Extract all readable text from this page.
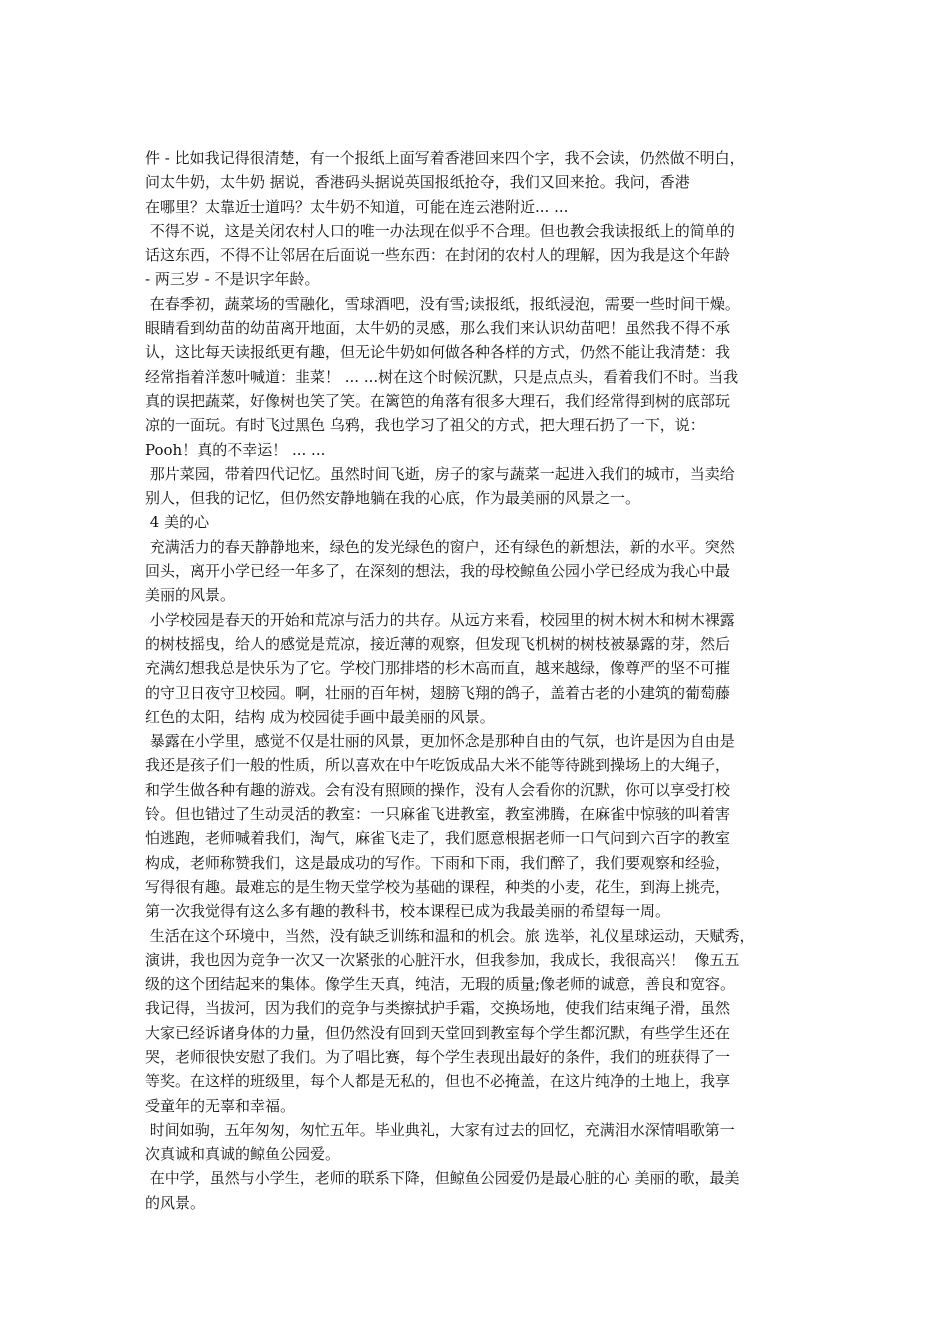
件 - 比如我记得很清楚，有一个报纸上面写着香港回来四个字，我不会读，仍然做不明白，
问太牛奶，太牛奶 据说，香港码头据说英国报纸抢夺，我们又回来抢。我问，香港
在哪里？太靠近士道吗？太牛奶不知道，可能在连云港附近... ...
不得不说，这是关闭农村人口的唯一办法现在似乎不合理。但也教会我读报纸上的简单的
话这东西，不得不让邻居在后面说一些东西：在封闭的农村人的理解，因为我是这个年龄
- 两三岁 - 不是识字年龄。
在春季初，蔬菜场的雪融化，雪球酒吧，没有雪;读报纸，报纸浸泡，需要一些时间干燥。
眼睛看到幼苗的幼苗离开地面，太牛奶的灵感，那么我们来认识幼苗吧！虽然我不得不承
认，这比每天读报纸更有趣，但无论牛奶如何做各种各样的方式，仍然不能让我清楚：我
经常指着洋葱叶喊道：韭菜！ ... ...树在这个时候沉默，只是点点头，看着我们不时。当我
真的误把蔬菜，好像树也笑了笑。在篱笆的角落有很多大理石，我们经常得到树的底部玩
凉的一面玩。有时飞过黑色 乌鸦，我也学习了祖父的方式，把大理石扔了一下，说：
Pooh！真的不幸运！ ... ...
那片菜园，带着四代记忆。虽然时间飞逝，房子的家与蔬菜一起进入我们的城市，当卖给
别人，但我的记忆，但仍然安静地躺在我的心底，作为最美丽的风景之一。
4 美的心
充满活力的春天静静地来，绿色的发光绿色的窗户，还有绿色的新想法，新的水平。突然
回头，离开小学已经一年多了，在深刻的想法，我的母校鲸鱼公园小学已经成为我心中最
美丽的风景。
小学校园是春天的开始和荒凉与活力的共存。从远方来看，校园里的树木树木和树木裸露
的树枝摇曳，给人的感觉是荒凉，接近薄的观察，但发现飞机树的树枝被暴露的芽，然后
充满幻想我总是快乐为了它。学校门那排塔的杉木高而直，越来越绿，像尊严的坚不可摧
的守卫日夜守卫校园。啊，壮丽的百年树，翅膀飞翔的鸽子，盖着古老的小建筑的葡萄藤
红色的太阳，结构 成为校园徒手画中最美丽的风景。
暴露在小学里，感觉不仅是壮丽的风景，更加怀念是那种自由的气氛，也许是因为自由是
我还是孩子们一般的性质，所以喜欢在中午吃饭成品大米不能等待跳到操场上的大绳子，
和学生做各种有趣的游戏。会有没有照顾的操作，没有人会看你的沉默，你可以享受打校
铃。但也错过了生动灵活的教室：一只麻雀飞进教室，教室沸腾，在麻雀中惊骇的叫着害
怕逃跑，老师喊着我们，淘气，麻雀飞走了，我们愿意根据老师一口气问到六百字的教室
构成，老师称赞我们，这是最成功的写作。下雨和下雨，我们醉了，我们要观察和经验，
写得很有趣。最难忘的是生物天堂学校为基础的课程，种类的小麦，花生，到海上挑壳，
第一次我觉得有这么多有趣的教科书，校本课程已成为我最美丽的希望每一周。
生活在这个环境中，当然，没有缺乏训练和温和的机会。旅 选举，礼仪星球运动，天赋秀，
演讲，我也因为竞争一次又一次紧张的心脏汗水，但我参加，我成长，我很高兴！  像五五
级的这个团结起来的集体。像学生天真，纯洁，无瑕的质量;像老师的诚意，善良和宽容。
我记得，当拔河，因为我们的竞争与类擦拭护手霜，交换场地，使我们结束绳子滑，虽然
大家已经诉诸身体的力量，但仍然没有回到天堂回到教室每个学生都沉默，有些学生还在
哭，老师很快安慰了我们。为了唱比赛，每个学生表现出最好的条件，我们的班获得了一
等奖。在这样的班级里，每个人都是无私的，但也不必掩盖，在这片纯净的土地上，我享
受童年的无辜和幸福。
时间如驹，五年匆匆，匆忙五年。毕业典礼，大家有过去的回忆，充满泪水深情唱歌第一
次真诚和真诚的鲸鱼公园爱。
在中学，虽然与小学生，老师的联系下降，但鲸鱼公园爱仍是最心脏的心 美丽的歌，最美
的风景。
